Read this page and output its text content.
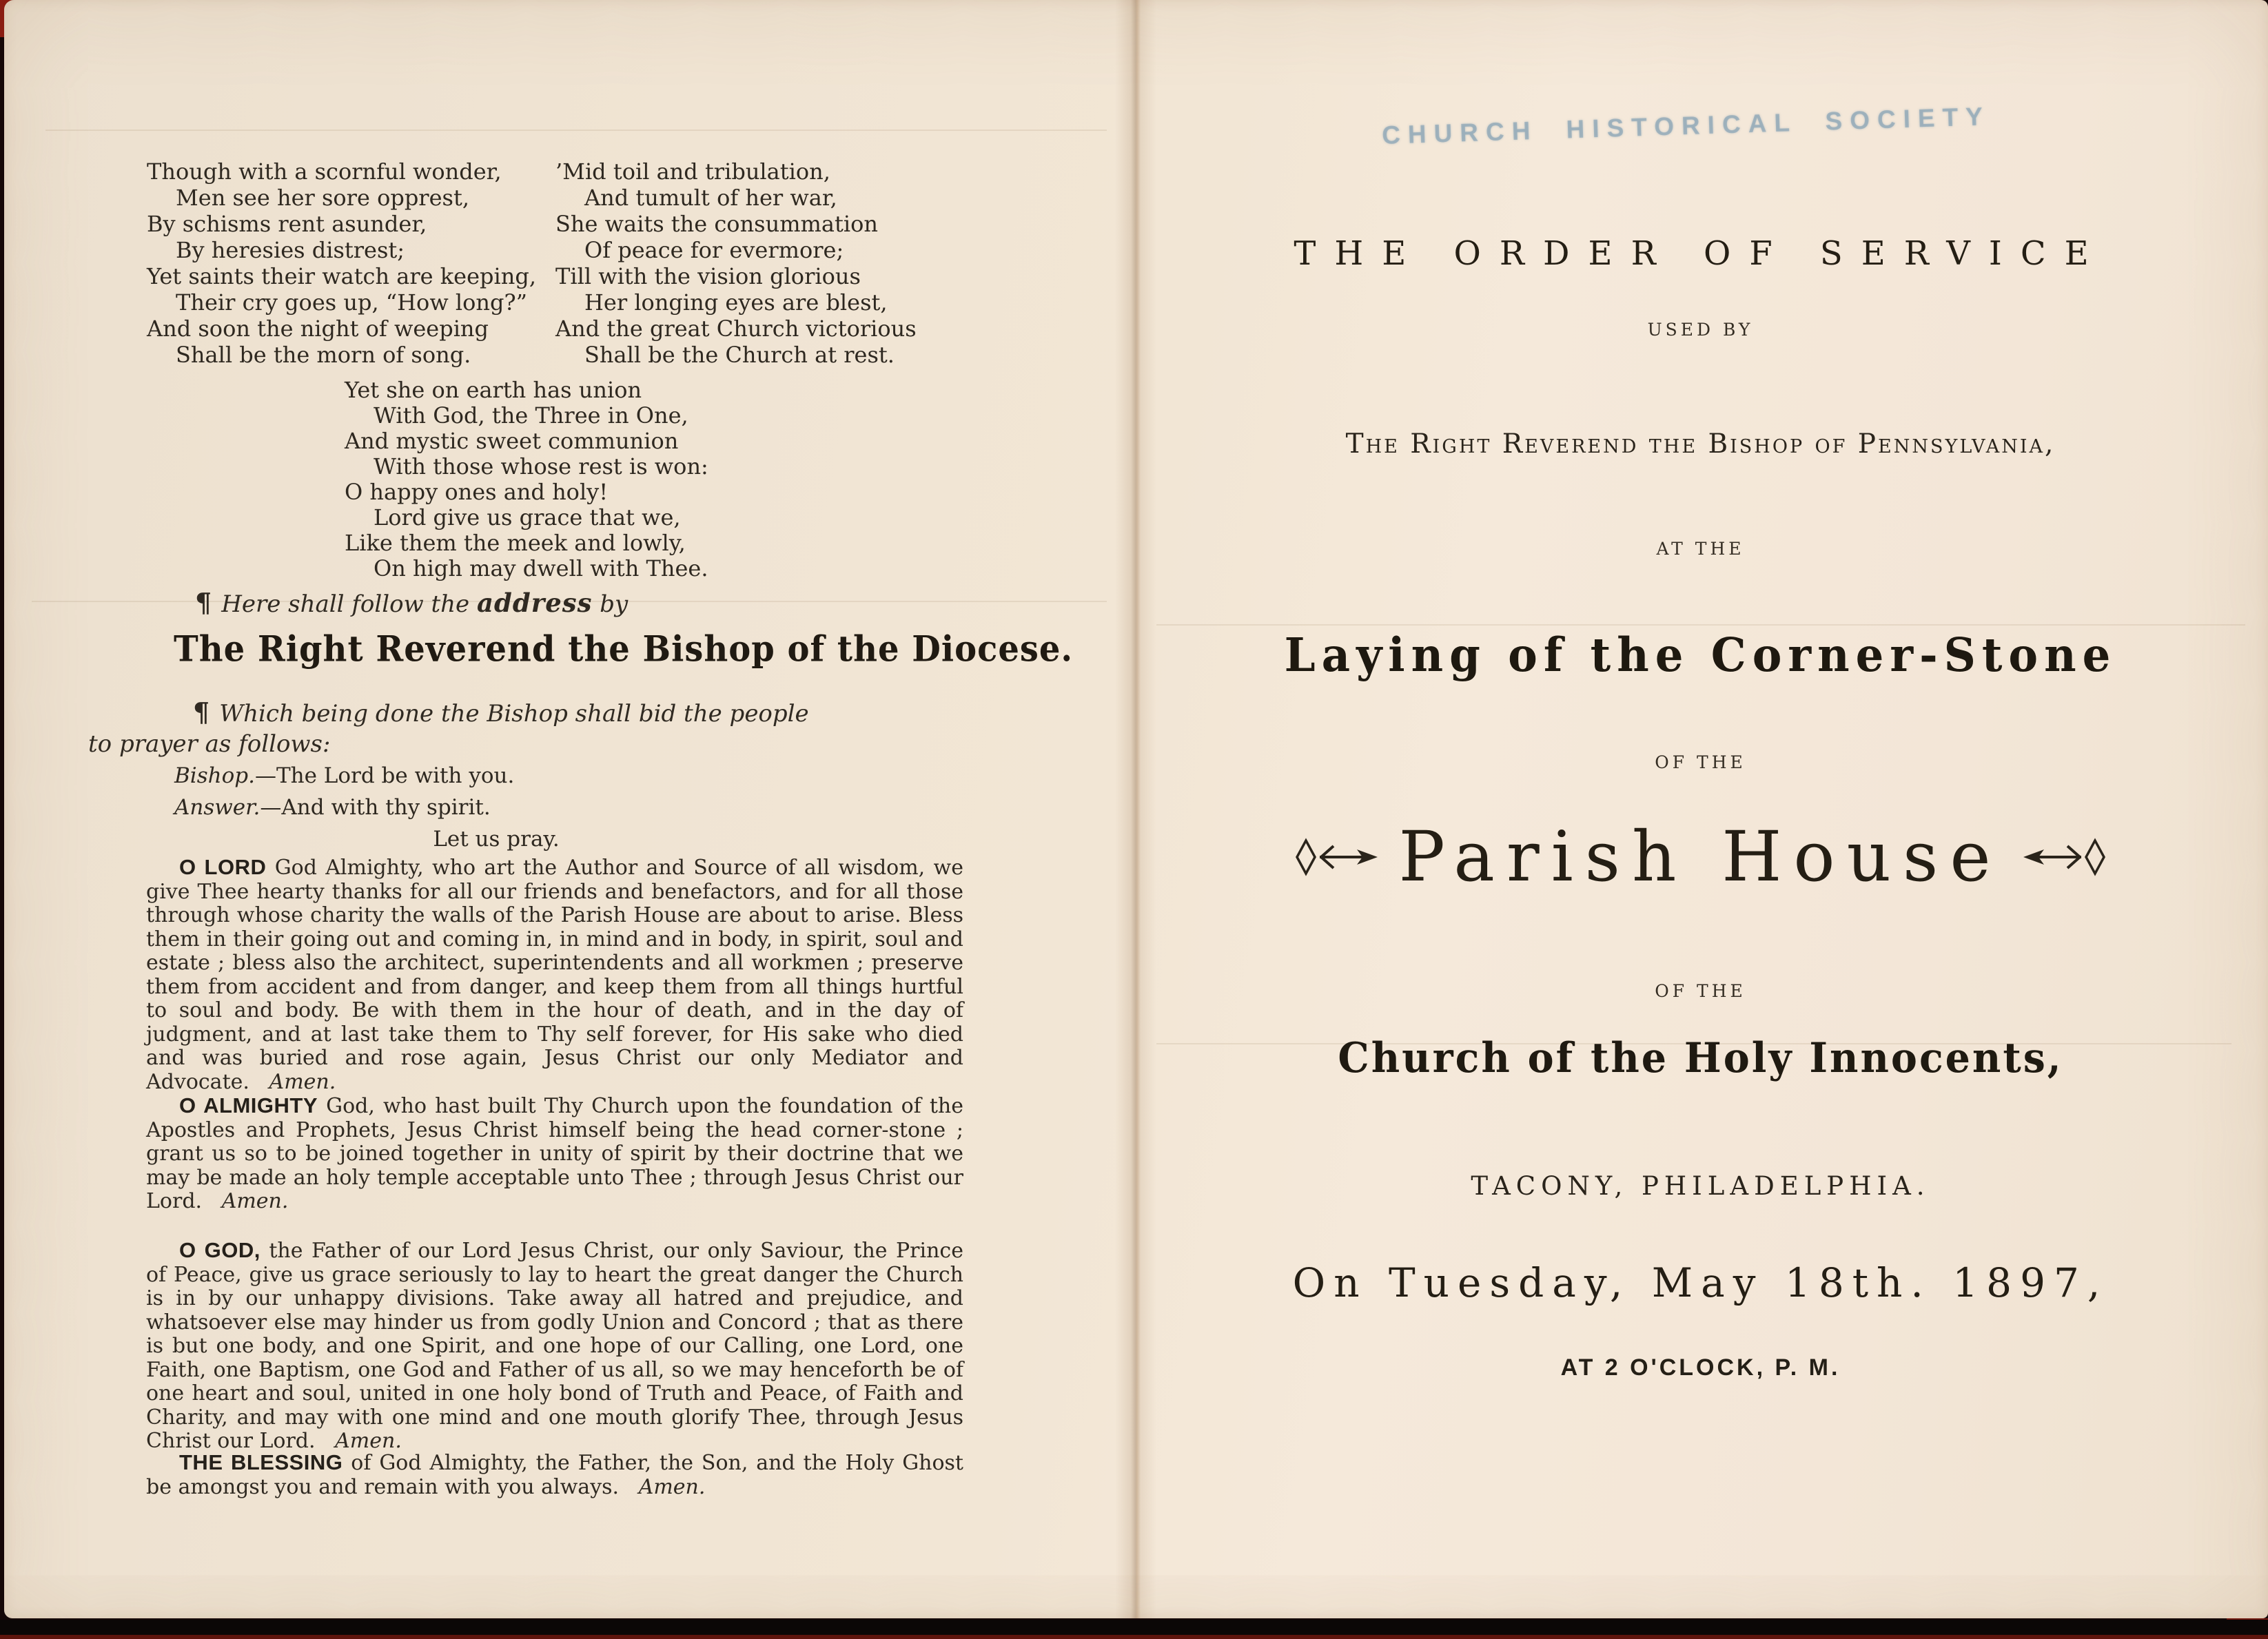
Though with a scornful wonder,
Men see her sore opprest,
By schisms rent asunder,
By heresies distrest;
Yet saints their watch are keeping,
Their cry goes up, “How long?”
And soon the night of weeping
Shall be the morn of song.
’Mid toil and tribulation,
And tumult of her war,
She waits the consummation
Of peace for evermore;
Till with the vision glorious
Her longing eyes are blest,
And the great Church victorious
Shall be the Church at rest.
Yet she on earth has union
With God, the Three in One,
And mystic sweet communion
With those whose rest is won:
O happy ones and holy!
Lord give us grace that we,
Like them the meek and lowly,
On high may dwell with Thee.
¶ Here shall follow the address by
The Right Reverend the Bishop of the Diocese.
¶ Which being done the Bishop shall bid the people to prayer as follows:
Bishop.—The Lord be with you.
Answer.—And with thy spirit.
Let us pray.

O LORD God Almighty, who art the Author and Source of all wisdom, we give Thee hearty thanks for all our friends and benefactors, and for all those through whose charity the walls of the Parish House are about to arise. Bless them in their going out and coming in, in mind and in body, in spirit, soul and estate ; bless also the architect, superintendents and all workmen ; preserve them from accident and from danger, and keep them from all things hurtful to soul and body. Be with them in the hour of death, and in the day of judgment, and at last take them to Thy self forever, for His sake who died and was buried and rose again, Jesus Christ our only Mediator and Advocate. Amen.

O ALMIGHTY God, who hast built Thy Church upon the foundation of the Apostles and Prophets, Jesus Christ himself being the head corner-stone ; grant us so to be joined together in unity of spirit by their doctrine that we may be made an holy temple acceptable unto Thee ; through Jesus Christ our Lord. Amen.

O GOD, the Father of our Lord Jesus Christ, our only Saviour, the Prince of Peace, give us grace seriously to lay to heart the great danger the Church is in by our unhappy divisions. Take away all hatred and prejudice, and whatsoever else may hinder us from godly Union and Concord ; that as there is but one body, and one Spirit, and one hope of our Calling, one Lord, one Faith, one Baptism, one God and Father of us all, so we may henceforth be of one heart and soul, united in one holy bond of Truth and Peace, of Faith and Charity, and may with one mind and one mouth glorify Thee, through Jesus Christ our Lord. Amen.

THE BLESSING of God Almighty, the Father, the Son, and the Holy Ghost be amongst you and remain with you always. Amen.

CHURCH HISTORICAL SOCIETY
THE ORDER OF SERVICE
USED BY
The Right Reverend the Bishop of Pennsylvania,
AT THE
Laying of the Corner-Stone
OF THE
Parish House
OF THE
Church of the Holy Innocents,
TACONY, PHILADELPHIA.
On Tuesday, May 18th. 1897,
AT 2 O'CLOCK, P. M.
